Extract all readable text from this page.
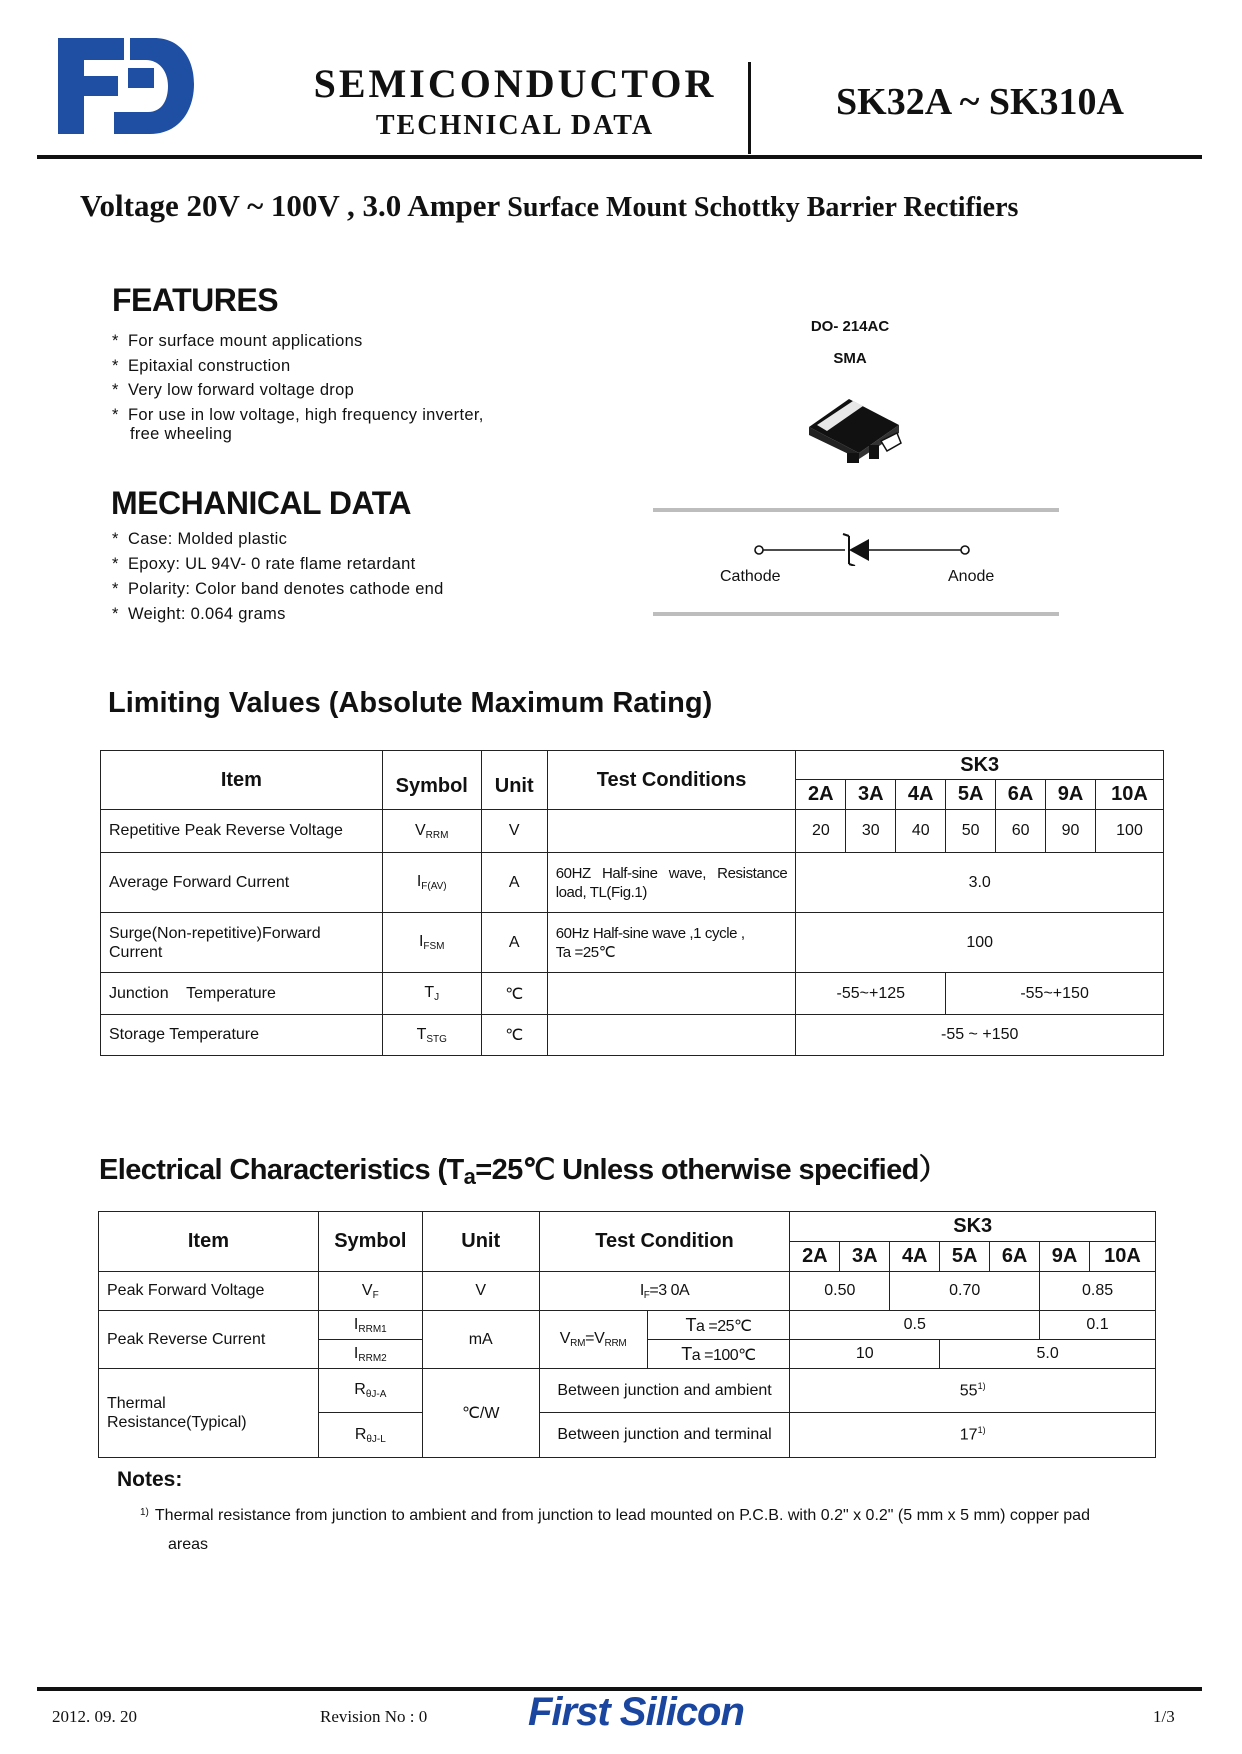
SEMICONDUCTOR
TECHNICAL DATA
SK32A ~ SK310A
Voltage 20V ~ 100V , 3.0 Amper Surface Mount Schottky Barrier Rectifiers
FEATURES
* For surface mount applications
* Epitaxial construction
* Very low forward voltage drop
* For use in low voltage, high frequency inverter,
free wheeling
DO- 214AC
SMA
Cathode	Anode
MECHANICAL DATA
* Case: Molded plastic
* Epoxy: UL 94V- 0 rate flame retardant
* Polarity: Color band denotes cathode end
* Weight: 0.064 grams
Limiting Values (Absolute Maximum Rating)
Item	Symbol	Unit	Test Conditions	SK3						
				2A	3A	4A	5A	6A	9A	10A
Repetitive Peak Reverse Voltage	$V_{RRM}$	V		20	30	40	50	60	90	100
Average Forward Current	$I_{F(AV)}$	A	60HZ Half-sine wave, Resistance load, TL(Fig.1)	3.0						
Surge(Non-repetitive)Forward Current	$I_{FSM}$	A	60Hz Half-sine wave ,1 cycle ,
Ta =25℃	100						
Junction    Temperature	$T_J$	℃		-55~+125			-55~+150			
Storage Temperature	$T_{STG}$	℃		-55 ~ +150						
Electrical Characteristics (Ta=25℃ Unless otherwise specified）
Item	Symbol	Unit	Test Condition		SK3						
					2A	3A	4A	5A	6A	9A	10A
Peak Forward Voltage	$V_F$	V	$I_F=3$ 0A		0.50		0.70			0.85	
Peak Reverse Current	$I_{RRM1}$	mA	$V_{RM}=V_{RRM}$	Ta =25℃	0.5					0.1	
	$I_{RRM2}$			Ta =100℃	10			5.0			
Thermal
Resistance(Typical)	$R_{\theta J-A}$	℃/W	Between junction and ambient		55$^{1)}$
	$R_{\theta J-L}$		Between junction and terminal		17$^{1)}$
Notes:
$^{1)}$ Thermal resistance from junction to ambient and from junction to lead mounted on P.C.B. with 0.2" x 0.2" (5 mm x 5 mm) copper pad
areas
2012. 09. 20	Revision No : 0	First Silicon	1/3
